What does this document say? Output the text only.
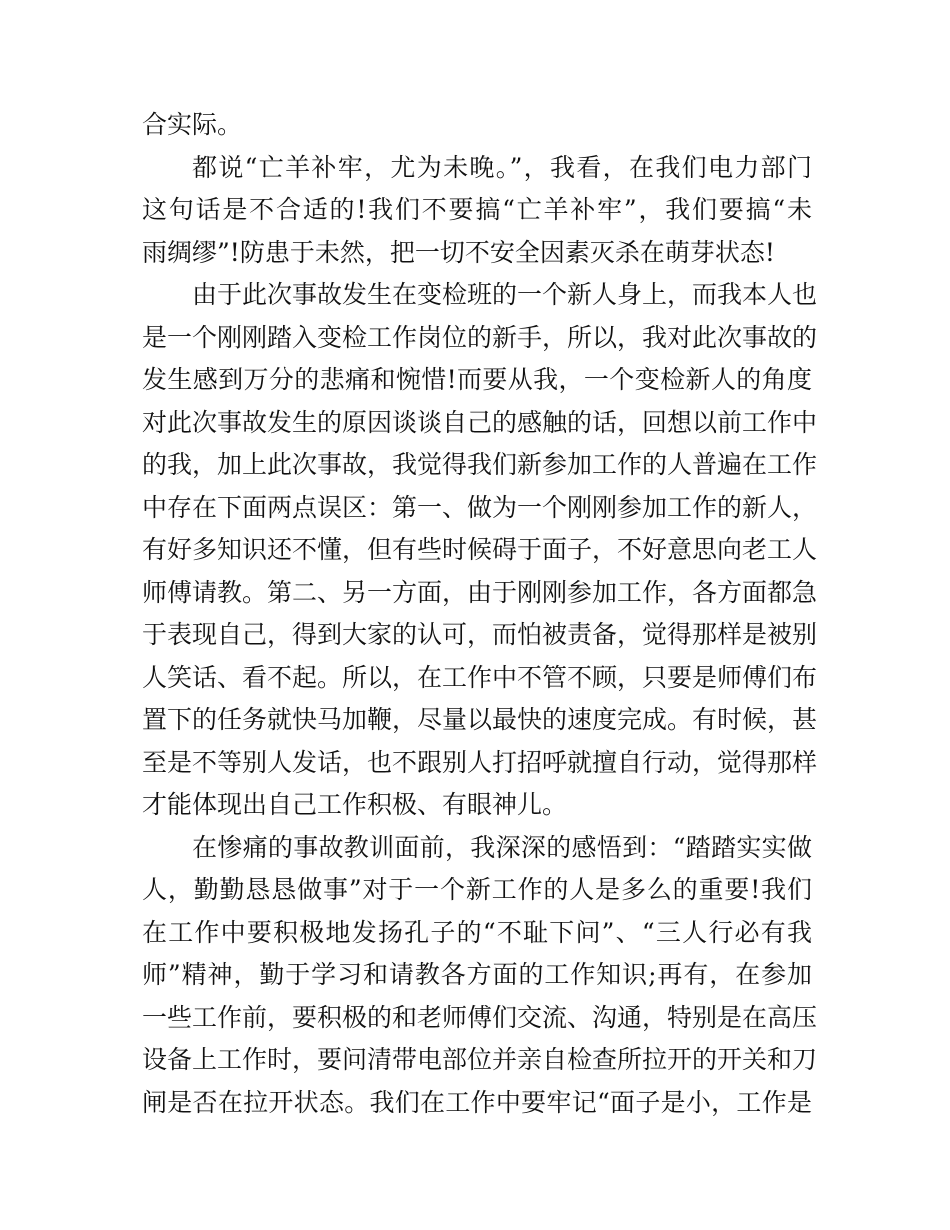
合实际。
都说“亡羊补牢，尤为未晚。”，我看，在我们电力部门
这句话是不合适的!我们不要搞“亡羊补牢”，我们要搞“未
雨绸缪”!防患于未然，把一切不安全因素灭杀在萌芽状态!
由于此次事故发生在变检班的一个新人身上，而我本人也
是一个刚刚踏入变检工作岗位的新手，所以，我对此次事故的
发生感到万分的悲痛和惋惜!而要从我，一个变检新人的角度
对此次事故发生的原因谈谈自己的感触的话，回想以前工作中
的我，加上此次事故，我觉得我们新参加工作的人普遍在工作
中存在下面两点误区：第一、做为一个刚刚参加工作的新人，
有好多知识还不懂，但有些时候碍于面子，不好意思向老工人
师傅请教。第二、另一方面，由于刚刚参加工作，各方面都急
于表现自己，得到大家的认可，而怕被责备，觉得那样是被别
人笑话、看不起。所以，在工作中不管不顾，只要是师傅们布
置下的任务就快马加鞭，尽量以最快的速度完成。有时候，甚
至是不等别人发话，也不跟别人打招呼就擅自行动，觉得那样
才能体现出自己工作积极、有眼神儿。
在惨痛的事故教训面前，我深深的感悟到：“踏踏实实做
人，勤勤恳恳做事”对于一个新工作的人是多么的重要!我们
在工作中要积极地发扬孔子的“不耻下问”、“三人行必有我
师”精神，勤于学习和请教各方面的工作知识;再有，在参加
一些工作前，要积极的和老师傅们交流、沟通，特别是在高压
设备上工作时，要问清带电部位并亲自检查所拉开的开关和刀
闸是否在拉开状态。我们在工作中要牢记“面子是小，工作是
